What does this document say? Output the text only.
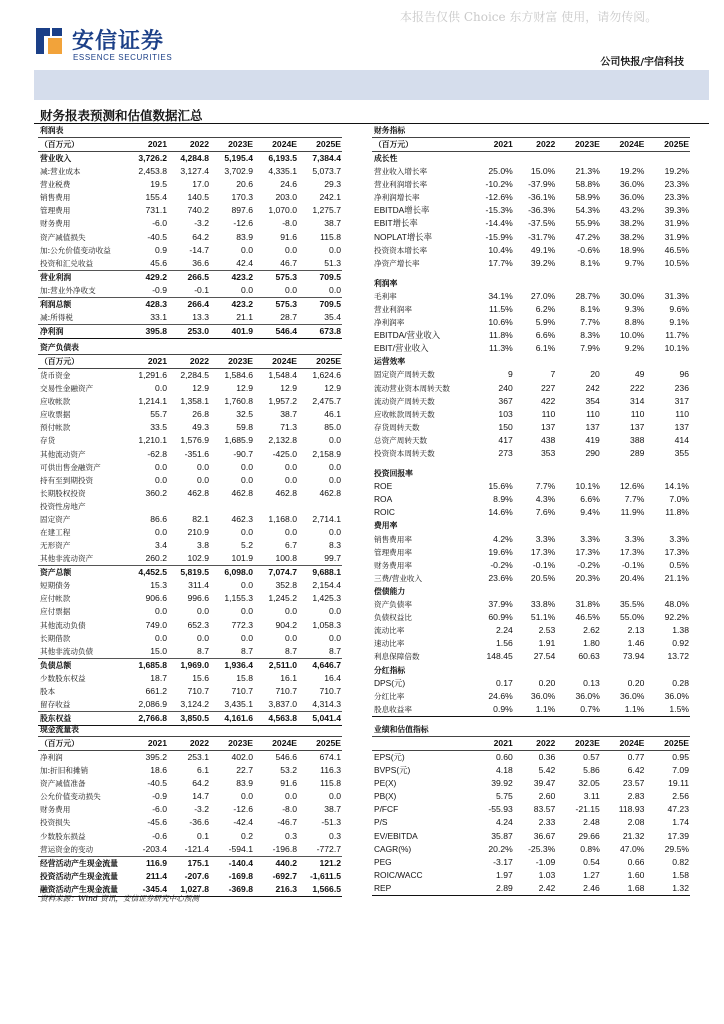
本报告仅供 Choice 东方财富 使用，请勿传阅。
安信证券
ESSENCE SECURITIES	公司快报/宇信科技
财务报表预测和估值数据汇总
利润表					
（百万元）	2021	2022	2023E	2024E	2025E
营业收入	3,726.2	4,284.8	5,195.4	6,193.5	7,384.4
减:营业成本	2,453.8	3,127.4	3,702.9	4,335.1	5,073.7
营业税费	19.5	17.0	20.6	24.6	29.3
销售费用	155.4	140.5	170.3	203.0	242.1
管理费用	731.1	740.2	897.6	1,070.0	1,275.7
财务费用	-6.0	-3.2	-12.6	-8.0	38.7
资产减值损失	-40.5	64.2	83.9	91.6	115.8
加:公允价值变动收益	0.9	-14.7	0.0	0.0	0.0
投资和汇兑收益	45.6	36.6	42.4	46.7	51.3
营业利润	429.2	266.5	423.2	575.3	709.5
加:营业外净收支	-0.9	-0.1	0.0	0.0	0.0
利润总额	428.3	266.4	423.2	575.3	709.5
减:所得税	33.1	13.3	21.1	28.7	35.4
净利润	395.8	253.0	401.9	546.4	673.8
资产负债表					
（百万元）	2021	2022	2023E	2024E	2025E
货币资金	1,291.6	2,284.5	1,584.6	1,548.4	1,624.6
交易性金融资产	0.0	12.9	12.9	12.9	12.9
应收帐款	1,214.1	1,358.1	1,760.8	1,957.2	2,475.7
应收票据	55.7	26.8	32.5	38.7	46.1
预付帐款	33.5	49.3	59.8	71.3	85.0
存货	1,210.1	1,576.9	1,685.9	2,132.8	0.0
其他流动资产	-62.8	-351.6	-90.7	-425.0	2,158.9
可供出售金融资产	0.0	0.0	0.0	0.0	0.0
持有至到期投资	0.0	0.0	0.0	0.0	0.0
长期股权投资	360.2	462.8	462.8	462.8	462.8
投资性房地产					
固定资产	86.6	82.1	462.3	1,168.0	2,714.1
在建工程	0.0	210.9	0.0	0.0	0.0
无形资产	3.4	3.8	5.2	6.7	8.3
其他非流动资产	260.2	102.9	101.9	100.8	99.7
资产总额	4,452.5	5,819.5	6,098.0	7,074.7	9,688.1
短期债务	15.3	311.4	0.0	352.8	2,154.4
应付帐款	906.6	996.6	1,155.3	1,245.2	1,425.3
应付票据	0.0	0.0	0.0	0.0	0.0
其他流动负债	749.0	652.3	772.3	904.2	1,058.3
长期借款	0.0	0.0	0.0	0.0	0.0
其他非流动负债	15.0	8.7	8.7	8.7	8.7
负债总额	1,685.8	1,969.0	1,936.4	2,511.0	4,646.7
少数股东权益	18.7	15.6	15.8	16.1	16.4
股本	661.2	710.7	710.7	710.7	710.7
留存收益	2,086.9	3,124.2	3,435.1	3,837.0	4,314.3
股东权益	2,766.8	3,850.5	4,161.6	4,563.8	5,041.4
财务指标					
（百万元）	2021	2022	2023E	2024E	2025E
成长性					
营业收入增长率	25.0%	15.0%	21.3%	19.2%	19.2%
营业利润增长率	-10.2%	-37.9%	58.8%	36.0%	23.3%
净利润增长率	-12.6%	-36.1%	58.9%	36.0%	23.3%
EBITDA增长率	-15.3%	-36.3%	54.3%	43.2%	39.3%
EBIT增长率	-14.4%	-37.5%	55.9%	38.2%	31.9%
NOPLAT增长率	-15.9%	-31.7%	47.2%	38.2%	31.9%
投资资本增长率	10.4%	49.1%	-0.6%	18.9%	46.5%
净资产增长率	17.7%	39.2%	8.1%	9.7%	10.5%

利润率					
毛利率	34.1%	27.0%	28.7%	30.0%	31.3%
营业利润率	11.5%	6.2%	8.1%	9.3%	9.6%
净利润率	10.6%	5.9%	7.7%	8.8%	9.1%
EBITDA/营业收入	11.8%	6.6%	8.3%	10.0%	11.7%
EBIT/营业收入	11.3%	6.1%	7.9%	9.2%	10.1%
运营效率					
固定资产周转天数	9	7	20	49	96
流动营业资本周转天数	240	227	242	222	236
流动资产周转天数	367	422	354	314	317
应收帐款周转天数	103	110	110	110	110
存货周转天数	150	137	137	137	137
总资产周转天数	417	438	419	388	414
投资资本周转天数	273	353	290	289	355

投资回报率					
ROE	15.6%	7.7%	10.1%	12.6%	14.1%
ROA	8.9%	4.3%	6.6%	7.7%	7.0%
ROIC	14.6%	7.6%	9.4%	11.9%	11.8%
费用率					
销售费用率	4.2%	3.3%	3.3%	3.3%	3.3%
管理费用率	19.6%	17.3%	17.3%	17.3%	17.3%
财务费用率	-0.2%	-0.1%	-0.2%	-0.1%	0.5%
三费/营业收入	23.6%	20.5%	20.3%	20.4%	21.1%
偿债能力					
资产负债率	37.9%	33.8%	31.8%	35.5%	48.0%
负债权益比	60.9%	51.1%	46.5%	55.0%	92.2%
流动比率	2.24	2.53	2.62	2.13	1.38
速动比率	1.56	1.91	1.80	1.46	0.92
利息保障倍数	148.45	27.54	60.63	73.94	13.72
分红指标					
DPS(元)	0.17	0.20	0.13	0.20	0.28
分红比率	24.6%	36.0%	36.0%	36.0%	36.0%
股息收益率	0.9%	1.1%	0.7%	1.1%	1.5%
现金流量表					
（百万元）	2021	2022	2023E	2024E	2025E
净利润	395.2	253.1	402.0	546.6	674.1
加:折旧和摊销	18.6	6.1	22.7	53.2	116.3
资产减值准备	-40.5	64.2	83.9	91.6	115.8
公允价值变动损失	-0.9	14.7	0.0	0.0	0.0
财务费用	-6.0	-3.2	-12.6	-8.0	38.7
投资损失	-45.6	-36.6	-42.4	-46.7	-51.3
少数股东损益	-0.6	0.1	0.2	0.3	0.3
营运资金的变动	-203.4	-121.4	-594.1	-196.8	-772.7
经营活动产生现金流量	116.9	175.1	-140.4	440.2	121.2
投资活动产生现金流量	211.4	-207.6	-169.8	-692.7	-1,611.5
融资活动产生现金流量	-345.4	1,027.8	-369.8	216.3	1,566.5
业绩和估值指标					
	2021	2022	2023E	2024E	2025E
EPS(元)	0.60	0.36	0.57	0.77	0.95
BVPS(元)	4.18	5.42	5.86	6.42	7.09
PE(X)	39.92	39.47	32.05	23.57	19.11
PB(X)	5.75	2.60	3.11	2.83	2.56
P/FCF	-55.93	83.57	-21.15	118.93	47.23
P/S	4.24	2.33	2.48	2.08	1.74
EV/EBITDA	35.87	36.67	29.66	21.32	17.39
CAGR(%)	20.2%	-25.3%	0.8%	47.0%	29.5%
PEG	-3.17	-1.09	0.54	0.66	0.82
ROIC/WACC	1.97	1.03	1.27	1.60	1.58
REP	2.89	2.42	2.46	1.68	1.32
资料来源：Wind 资讯，安信证券研究中心预测
